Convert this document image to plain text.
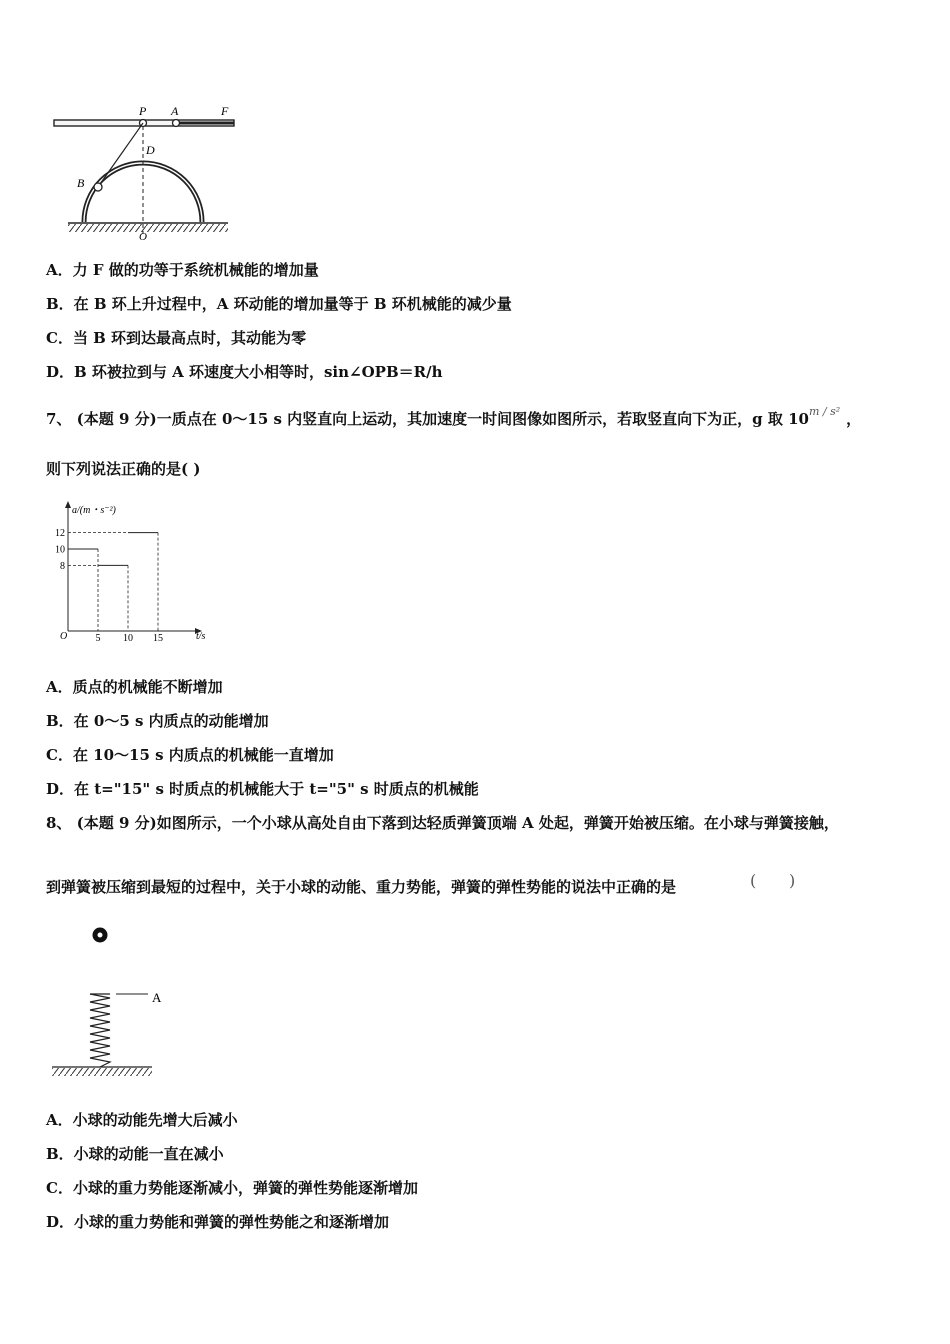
P A	F
D
B
O
A．力 F 做的功等于系统机械能的增加量
B．在 B 环上升过程中，A 环动能的增加量等于 B 环机械能的减少量
C．当 B 环到达最高点时，其动能为零
D．B 环被拉到与 A 环速度大小相等时，sin∠OPB＝R/h
7、 (本题 9 分)一质点在 0～15 s 内竖直向上运动，其加速度一时间图像如图所示，若取竖直向下为正，g 取 $10^{m / s^2}$ ，
则下列说法正确的是( )
a/(m・s⁻²)
t/s
O	5 10 15
8
10
12
A．质点的机械能不断增加
B．在 0～5 s 内质点的动能增加
C．在 10～15 s 内质点的机械能一直增加
D．在 t="15" s 时质点的机械能大于 t="5" s 时质点的机械能
8、 (本题 9 分)如图所示，一个小球从高处自由下落到达轻质弹簧顶端 A 处起，弹簧开始被压缩。在小球与弹簧接触，
到弹簧被压缩到最短的过程中，关于小球的动能、重力势能，弹簧的弹性势能的说法中正确的是	( )
A
A．小球的动能先增大后减小
B．小球的动能一直在减小
C．小球的重力势能逐渐减小，弹簧的弹性势能逐渐增加
D．小球的重力势能和弹簧的弹性势能之和逐渐增加
